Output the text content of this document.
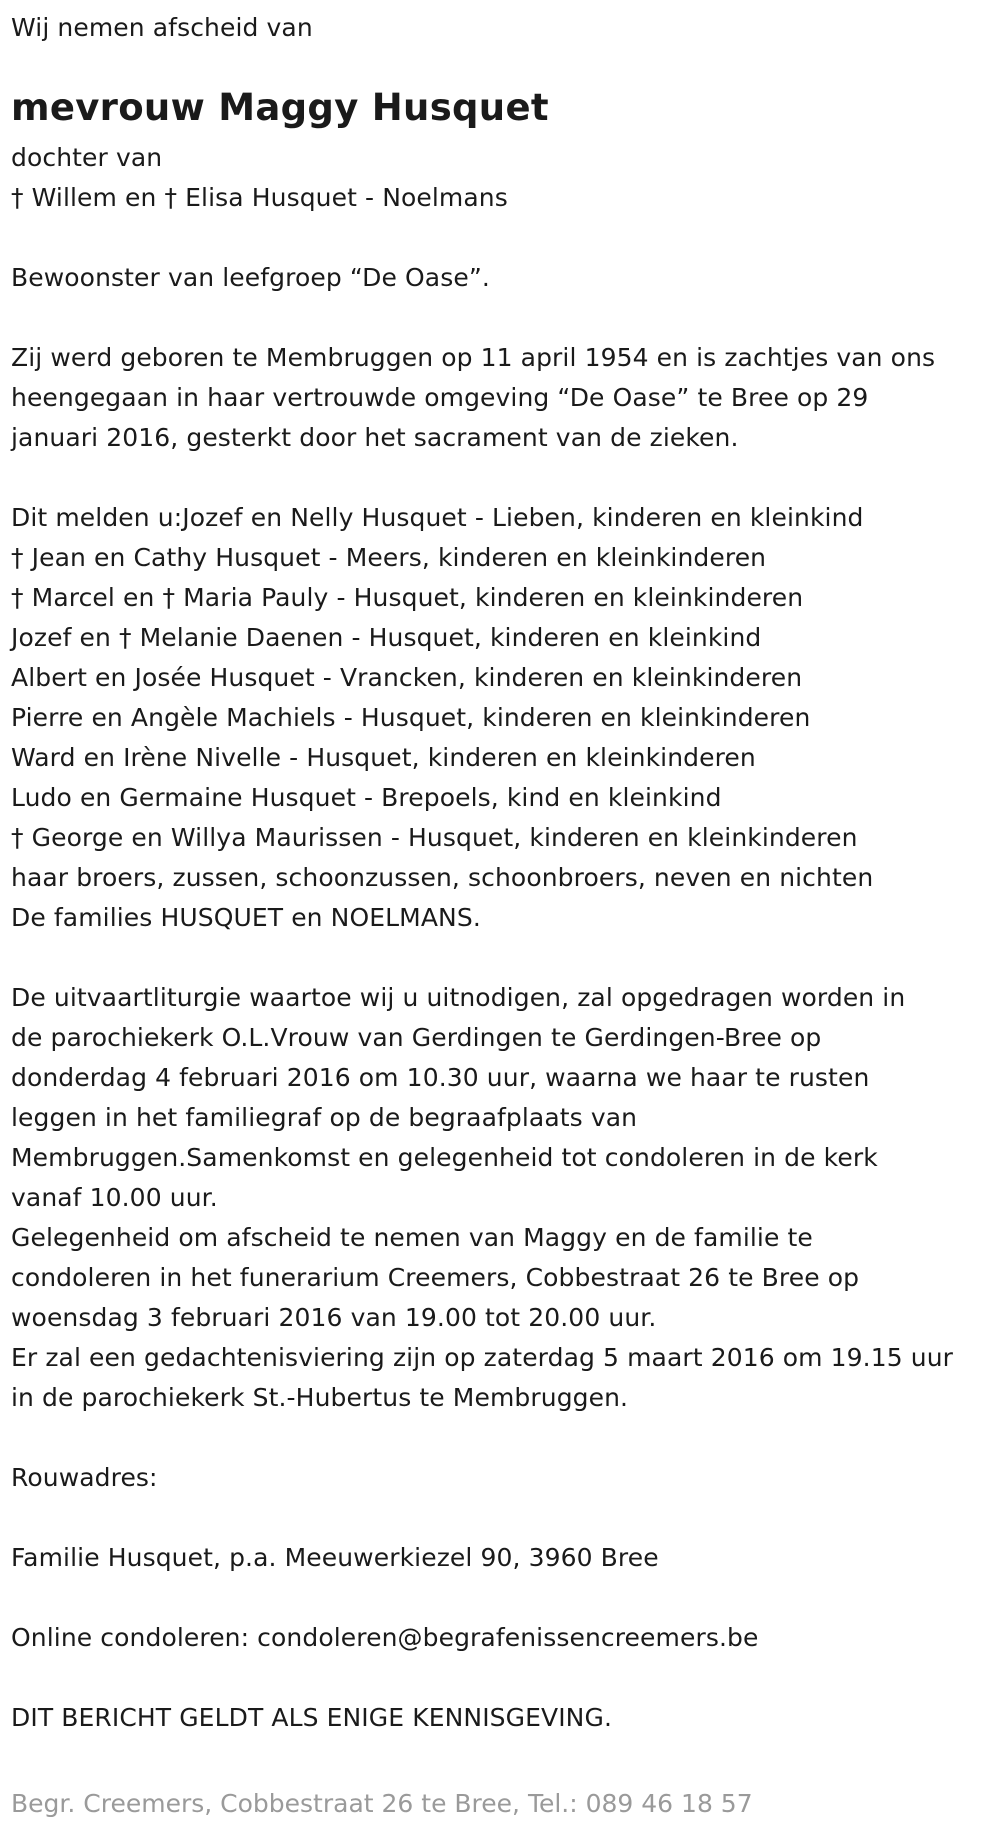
Wij nemen afscheid van
mevrouw Maggy Husquet
dochter van
† Willem en † Elisa Husquet - Noelmans
Bewoonster van leefgroep “De Oase”.
Zij werd geboren te Membruggen op 11 april 1954 en is zachtjes van ons
heengegaan in haar vertrouwde omgeving “De Oase” te Bree op 29
januari 2016, gesterkt door het sacrament van de zieken.
Dit melden u:Jozef en Nelly Husquet - Lieben, kinderen en kleinkind
† Jean en Cathy Husquet - Meers, kinderen en kleinkinderen
† Marcel en † Maria Pauly - Husquet, kinderen en kleinkinderen
Jozef en † Melanie Daenen - Husquet, kinderen en kleinkind
Albert en Josée Husquet - Vrancken, kinderen en kleinkinderen
Pierre en Angèle Machiels - Husquet, kinderen en kleinkinderen
Ward en Irène Nivelle - Husquet, kinderen en kleinkinderen
Ludo en Germaine Husquet - Brepoels, kind en kleinkind
† George en Willya Maurissen - Husquet, kinderen en kleinkinderen
haar broers, zussen, schoonzussen, schoonbroers, neven en nichten
De families HUSQUET en NOELMANS.
De uitvaartliturgie waartoe wij u uitnodigen, zal opgedragen worden in
de parochiekerk O.L.Vrouw van Gerdingen te Gerdingen-Bree op
donderdag 4 februari 2016 om 10.30 uur, waarna we haar te rusten
leggen in het familiegraf op de begraafplaats van
Membruggen.Samenkomst en gelegenheid tot condoleren in de kerk
vanaf 10.00 uur.
Gelegenheid om afscheid te nemen van Maggy en de familie te
condoleren in het funerarium Creemers, Cobbestraat 26 te Bree op
woensdag 3 februari 2016 van 19.00 tot 20.00 uur.
Er zal een gedachtenisviering zijn op zaterdag 5 maart 2016 om 19.15 uur
in de parochiekerk St.-Hubertus te Membruggen.
Rouwadres:
Familie Husquet, p.a. Meeuwerkiezel 90, 3960 Bree
Online condoleren: condoleren@begrafenissencreemers.be
DIT BERICHT GELDT ALS ENIGE KENNISGEVING.
Begr. Creemers, Cobbestraat 26 te Bree, Tel.: 089 46 18 57
